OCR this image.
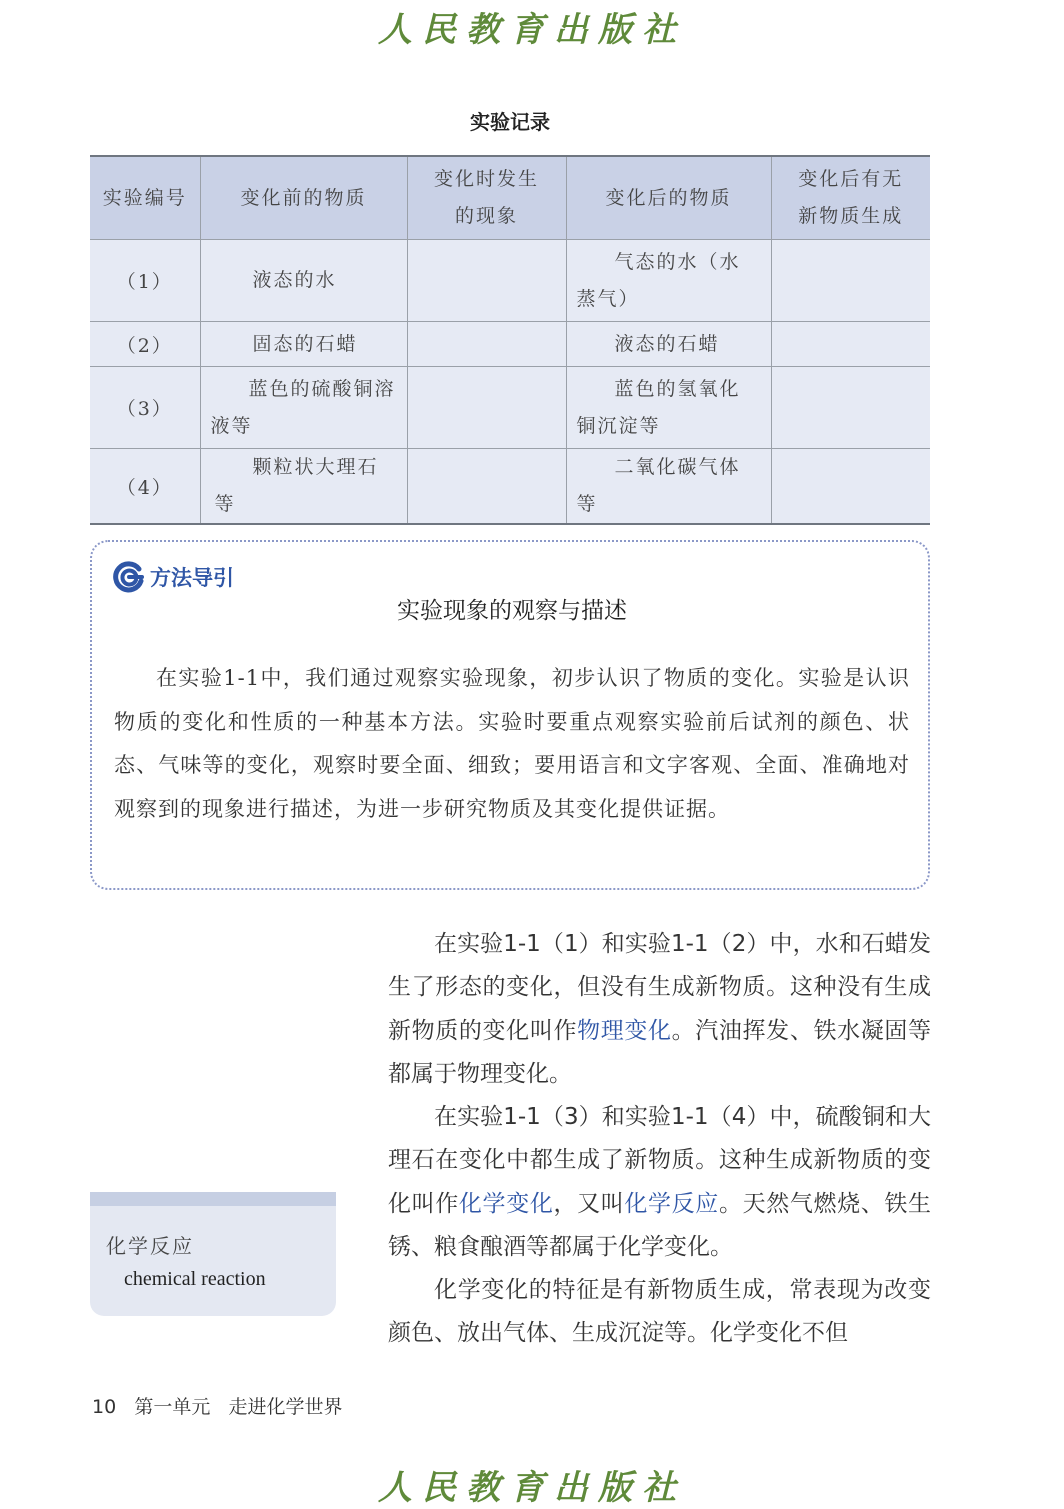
人民教育出版社
实验记录
实验编号	变化前的物质	变化时发生的现象	变化后的物质	变化后有无新物质生成
（1）	液态的水		气态的水（水蒸气）	
（2）	固态的石蜡		液态的石蜡	
（3）	蓝色的硫酸铜溶液等		蓝色的氢氧化铜沉淀等	
（4）	颗粒状大理石等		二氧化碳气体等	
方法导引
实验现象的观察与描述
在实验1-1中，我们通过观察实验现象，初步认识了物质的变化。实验是认识物质的变化和性质的一种基本方法。实验时要重点观察实验前后试剂的颜色、状态、气味等的变化，观察时要全面、细致；要用语言和文字客观、全面、准确地对观察到的现象进行描述，为进一步研究物质及其变化提供证据。

在实验1-1（1）和实验1-1（2）中，水和石蜡发生了形态的变化，但没有生成新物质。这种没有生成新物质的变化叫作物理变化。汽油挥发、铁水凝固等都属于物理变化。

在实验1-1（3）和实验1-1（4）中，硫酸铜和大理石在变化中都生成了新物质。这种生成新物质的变化叫作化学变化，又叫化学反应。天然气燃烧、铁生锈、粮食酿酒等都属于化学变化。

化学变化的特征是有新物质生成，常表现为改变颜色、放出气体、生成沉淀等。化学变化不但

化学反应
chemical reaction
10 第一单元 走进化学世界
人民教育出版社
